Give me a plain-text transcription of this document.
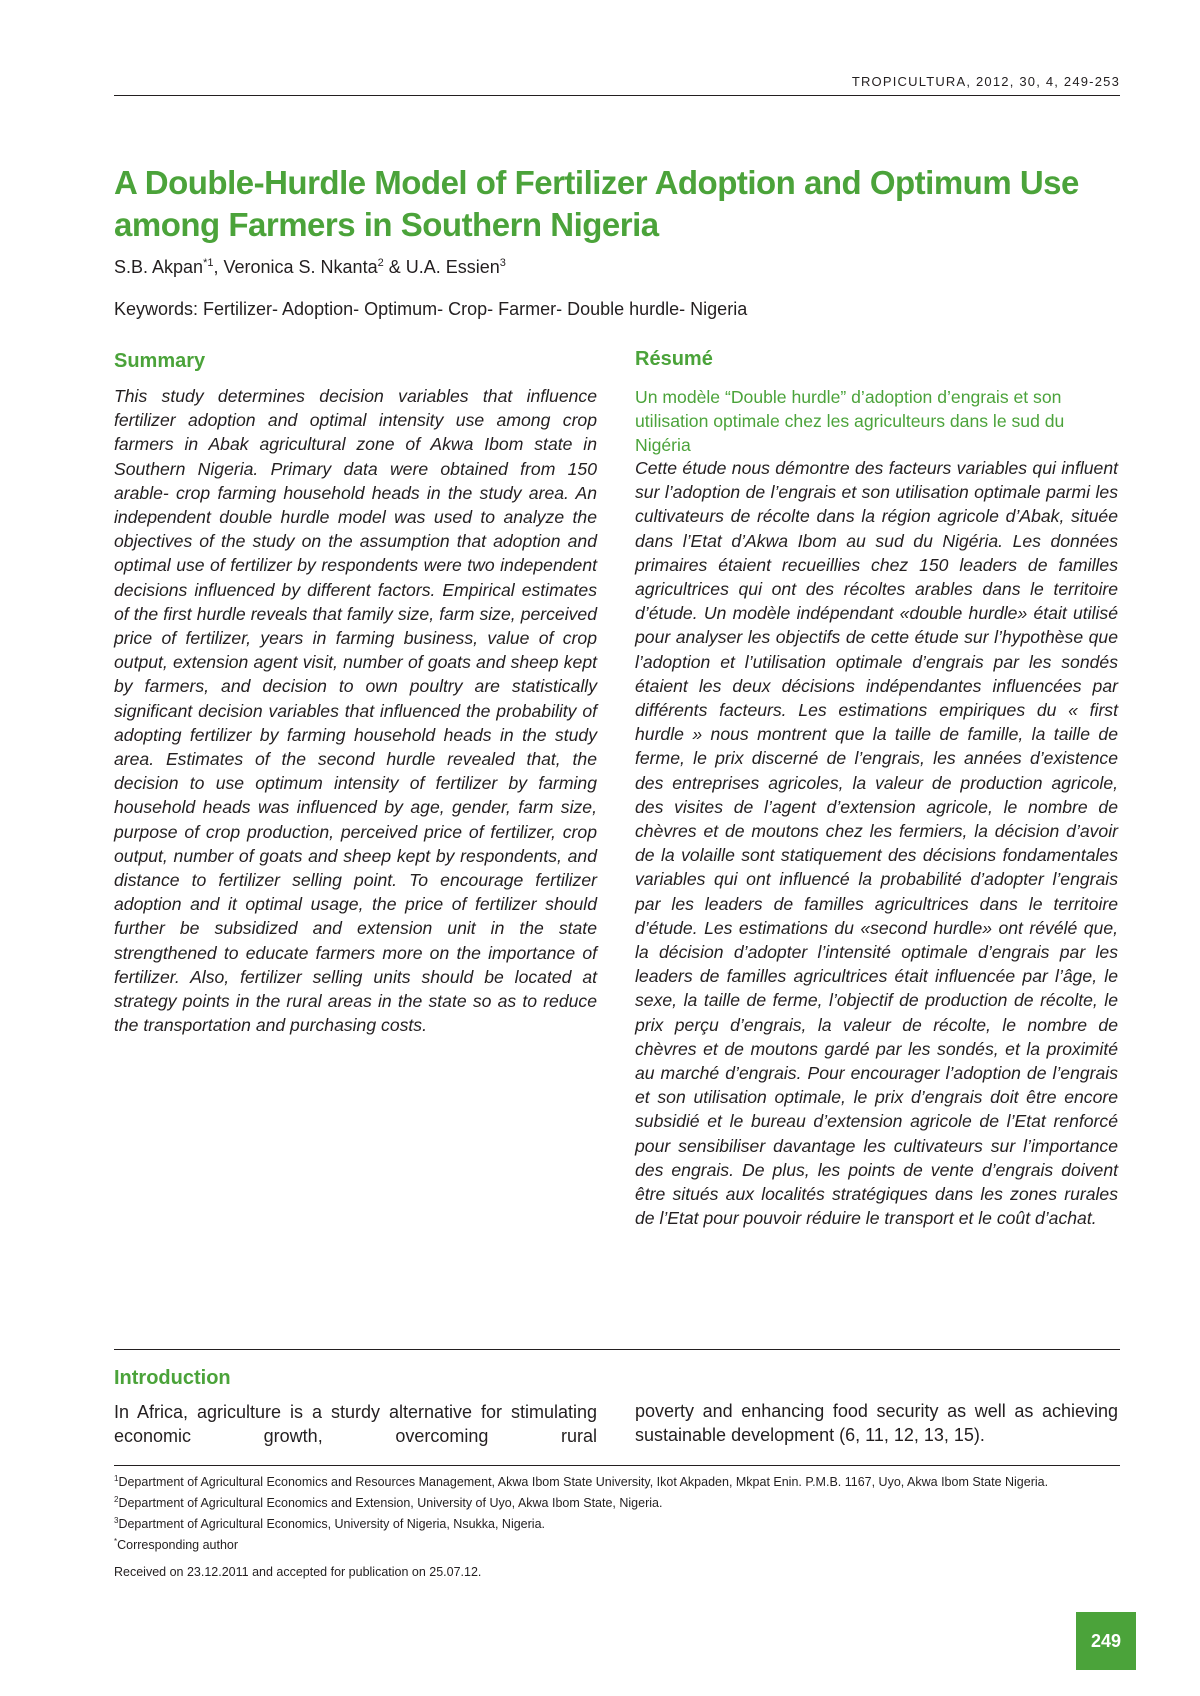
TROPICULTURA, 2012, 30, 4, 249-253
A Double-Hurdle Model of Fertilizer Adoption and Optimum Use among Farmers in Southern Nigeria
S.B. Akpan$^{*1}$, Veronica S. Nkanta$^2$ & U.A. Essien$^3$
Keywords: Fertilizer- Adoption- Optimum- Crop- Farmer- Double hurdle- Nigeria
Summary
This study determines decision variables that influence fertilizer adoption and optimal intensity use among crop farmers in Abak agricultural zone of Akwa Ibom state in Southern Nigeria. Primary data were obtained from 150 arable- crop farming household heads in the study area. An independent double hurdle model was used to analyze the objectives of the study on the assumption that adoption and optimal use of fertilizer by respondents were two independent decisions influenced by different factors. Empirical estimates of the first hurdle reveals that family size, farm size, perceived price of fertilizer, years in farming business, value of crop output, extension agent visit, number of goats and sheep kept by farmers, and decision to own poultry are statistically significant decision variables that influenced the probability of adopting fertilizer by farming household heads in the study area. Estimates of the second hurdle revealed that, the decision to use optimum intensity of fertilizer by farming household heads was influenced by age, gender, farm size, purpose of crop production, perceived price of fertilizer, crop output, number of goats and sheep kept by respondents, and distance to fertilizer selling point. To encourage fertilizer adoption and it optimal usage, the price of fertilizer should further be subsidized and extension unit in the state strengthened to educate farmers more on the importance of fertilizer. Also, fertilizer selling units should be located at strategy points in the rural areas in the state so as to reduce the transportation and purchasing costs.
Résumé
Un modèle “Double hurdle” d’adoption d’engrais et son utilisation optimale chez les agriculteurs dans le sud du Nigéria
Cette étude nous démontre des facteurs variables qui influent sur l’adoption de l’engrais et son utilisation optimale parmi les cultivateurs de récolte dans la région agricole d’Abak, située dans l’Etat d’Akwa Ibom au sud du Nigéria. Les données primaires étaient recueillies chez 150 leaders de familles agricultrices qui ont des récoltes arables dans le territoire d’étude. Un modèle indépendant «double hurdle» était utilisé pour analyser les objectifs de cette étude sur l’hypothèse que l’adoption et l’utilisation optimale d’engrais par les sondés étaient les deux décisions indépendantes influencées par différents facteurs. Les estimations empiriques du « first hurdle » nous montrent que la taille de famille, la taille de ferme, le prix discerné de l’engrais, les années d’existence des entreprises agricoles, la valeur de production agricole, des visites de l’agent d’extension agricole, le nombre de chèvres et de moutons chez les fermiers, la décision d’avoir de la volaille sont statiquement des décisions fondamentales variables qui ont influencé la probabilité d’adopter l’engrais par les leaders de familles agricultrices dans le territoire d’étude. Les estimations du «second hurdle» ont révélé que, la décision d’adopter l’intensité optimale d’engrais par les leaders de familles agricultrices était influencée par l’âge, le sexe, la taille de ferme, l’objectif de production de récolte, le prix perçu d’engrais, la valeur de récolte, le nombre de chèvres et de moutons gardé par les sondés, et la proximité au marché d’engrais. Pour encourager l’adoption de l’engrais et son utilisation optimale, le prix d’engrais doit être encore subsidié et le bureau d’extension agricole de l’Etat renforcé pour sensibiliser davantage les cultivateurs sur l’importance des engrais. De plus, les points de vente d’engrais doivent être situés aux localités stratégiques dans les zones rurales de l’Etat pour pouvoir réduire le transport et le coût d’achat.
Introduction
In Africa, agriculture is a sturdy alternative for stimulating economic growth, overcoming rural
poverty and enhancing food security as well as achieving sustainable development (6, 11, 12, 13, 15).

$^1$Department of Agricultural Economics and Resources Management, Akwa Ibom State University, Ikot Akpaden, Mkpat Enin. P.M.B. 1167, Uyo, Akwa Ibom State Nigeria.

$^2$Department of Agricultural Economics and Extension, University of Uyo, Akwa Ibom State, Nigeria.

$^3$Department of Agricultural Economics, University of Nigeria, Nsukka, Nigeria.

*Corresponding author

Received on 23.12.2011 and accepted for publication on 25.07.12.
249
